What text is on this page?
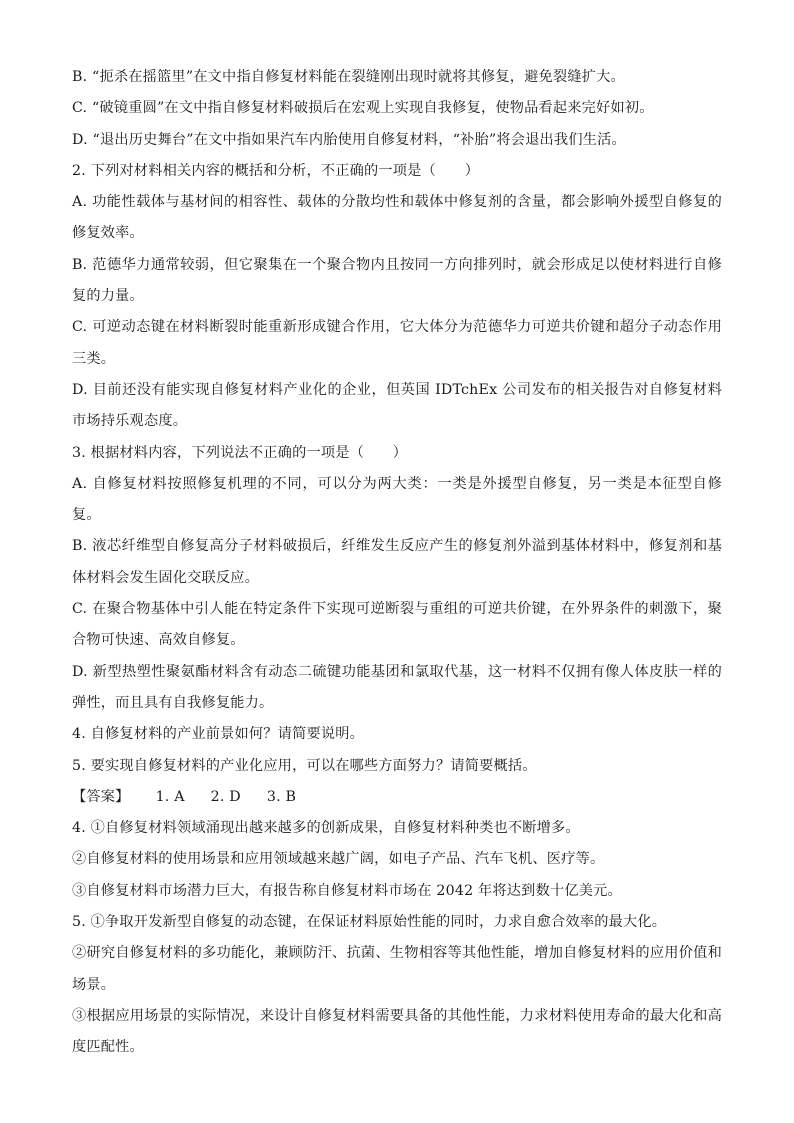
B. “扼杀在摇篮里”在文中指自修复材料能在裂缝刚出现时就将其修复，避免裂缝扩大。

C. “破镜重圆”在文中指自修复材料破损后在宏观上实现自我修复，使物品看起来完好如初。

D. “退出历史舞台”在文中指如果汽车内胎使用自修复材料，“补胎”将会退出我们生活。

2. 下列对材料相关内容的概括和分析，不正确的一项是（　　）

A. 功能性载体与基材间的相容性、载体的分散均性和载体中修复剂的含量，都会影响外援型自修复的修复效率。

B. 范德华力通常较弱，但它聚集在一个聚合物内且按同一方向排列时，就会形成足以使材料进行自修复的力量。

C. 可逆动态键在材料断裂时能重新形成键合作用，它大体分为范德华力可逆共价键和超分子动态作用三类。

D. 目前还没有能实现自修复材料产业化的企业，但英国 IDTchEx 公司发布的相关报告对自修复材料市场持乐观态度。

3. 根据材料内容，下列说法不正确的一项是（　　）

A. 自修复材料按照修复机理的不同，可以分为两大类：一类是外援型自修复，另一类是本征型自修复。

B. 液芯纤维型自修复高分子材料破损后，纤维发生反应产生的修复剂外溢到基体材料中，修复剂和基体材料会发生固化交联反应。

C. 在聚合物基体中引人能在特定条件下实现可逆断裂与重组的可逆共价键，在外界条件的刺激下，聚合物可快速、高效自修复。

D. 新型热塑性聚氨酯材料含有动态二硫键功能基团和氯取代基，这一材料不仅拥有像人体皮肤一样的弹性，而且具有自我修复能力。

4. 自修复材料的产业前景如何？请简要说明。

5. 要实现自修复材料的产业化应用，可以在哪些方面努力？请简要概括。

【答案】 1. A 2. D 3. B

4. ①自修复材料领域涌现出越来越多的创新成果，自修复材料种类也不断增多。

②自修复材料的使用场景和应用领域越来越广阔，如电子产品、汽车飞机、医疗等。

③自修复材料市场潜力巨大，有报告称自修复材料市场在 2042 年将达到数十亿美元。

5. ①争取开发新型自修复的动态键，在保证材料原始性能的同时，力求自愈合效率的最大化。

②研究自修复材料的多功能化，兼顾防汗、抗菌、生物相容等其他性能，增加自修复材料的应用价值和场景。

③根据应用场景的实际情况，来设计自修复材料需要具备的其他性能，力求材料使用寿命的最大化和高度匹配性。
